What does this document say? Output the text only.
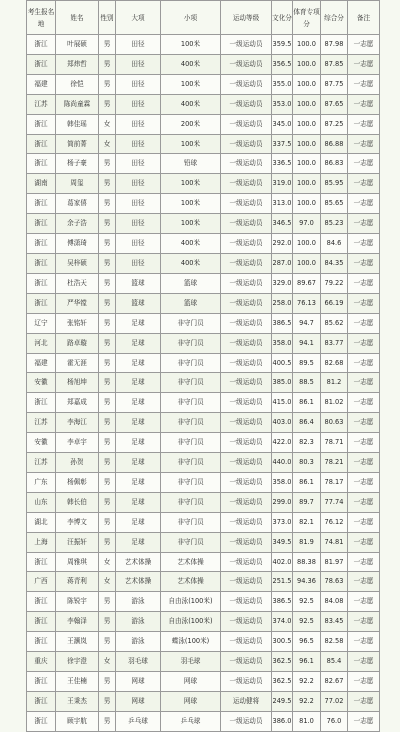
考生报名地	姓名	性别	大项	小项	运动等级	文化分	体育专项分	综合分	备注
浙江	叶展硕	男	田径	100米	一级运动员	359.5	100.0	87.98	一志愿
浙江	郑炜哲	男	田径	400米	一级运动员	356.5	100.0	87.85	一志愿
福建	徐恺	男	田径	100米	一级运动员	355.0	100.0	87.75	一志愿
江苏	陈尚童霖	男	田径	400米	一级运动员	353.0	100.0	87.65	一志愿
浙江	韩佳瑶	女	田径	200米	一级运动员	345.0	100.0	87.25	一志愿
浙江	简前菁	女	田径	100米	一级运动员	337.5	100.0	86.88	一志愿
浙江	杨子豪	男	田径	铅球	一级运动员	336.5	100.0	86.83	一志愿
湖南	周玺	男	田径	100米	一级运动员	319.0	100.0	85.95	一志愿
浙江	葛家僖	男	田径	100米	一级运动员	313.0	100.0	85.65	一志愿
浙江	余子浩	男	田径	100米	一级运动员	346.5	97.0	85.23	一志愿
浙江	傅潇琦	男	田径	400米	一级运动员	292.0	100.0	84.6	一志愿
浙江	吴梓硕	男	田径	400米	一级运动员	287.0	100.0	84.35	一志愿
浙江	杜浩天	男	篮球	篮球	一级运动员	329.0	89.67	79.22	一志愿
浙江	严华镗	男	篮球	篮球	一级运动员	258.0	76.13	66.19	一志愿
辽宁	张铭轩	男	足球	非守门员	一级运动员	386.5	94.7	85.62	一志愿
河北	路卓璇	男	足球	非守门员	一级运动员	358.0	94.1	83.77	一志愿
福建	霍无涯	男	足球	非守门员	一级运动员	400.5	89.5	82.68	一志愿
安徽	杨旭坤	男	足球	非守门员	一级运动员	385.0	88.5	81.2	一志愿
浙江	郑嘉成	男	足球	非守门员	一级运动员	415.0	86.1	81.02	一志愿
江苏	李海江	男	足球	非守门员	一级运动员	403.0	86.4	80.63	一志愿
安徽	李卓宇	男	足球	非守门员	一级运动员	422.0	82.3	78.71	一志愿
江苏	孙贺	男	足球	非守门员	一级运动员	440.0	80.3	78.21	一志愿
广东	杨佩彰	男	足球	非守门员	一级运动员	358.0	86.1	78.17	一志愿
山东	韩长伯	男	足球	非守门员	一级运动员	299.0	89.7	77.74	一志愿
湖北	李博文	男	足球	非守门员	一级运动员	373.0	82.1	76.12	一志愿
上海	汪振轩	男	足球	非守门员	一级运动员	349.5	81.9	74.81	一志愿
浙江	周雅琪	女	艺术体操	艺术体操	一级运动员	402.0	88.38	81.97	一志愿
广西	蒋青利	女	艺术体操	艺术体操	一级运动员	251.5	94.36	78.63	一志愿
浙江	陈锐宇	男	游泳	自由泳(100米)	一级运动员	386.5	92.5	84.08	一志愿
浙江	李翰泽	男	游泳	自由泳(100米)	一级运动员	374.0	92.5	83.45	一志愿
浙江	王灏岚	男	游泳	蝶泳(100米)	一级运动员	300.5	96.5	82.58	一志愿
重庆	徐宇澄	女	羽毛球	羽毛球	一级运动员	362.5	96.1	85.4	一志愿
浙江	王佳楠	男	网球	网球	一级运动员	362.5	92.2	82.67	一志愿
浙江	王秉杰	男	网球	网球	运动健将	249.5	92.2	77.02	一志愿
浙江	顾宇航	男	乒乓球	乒乓球	一级运动员	386.0	81.0	76.0	一志愿
